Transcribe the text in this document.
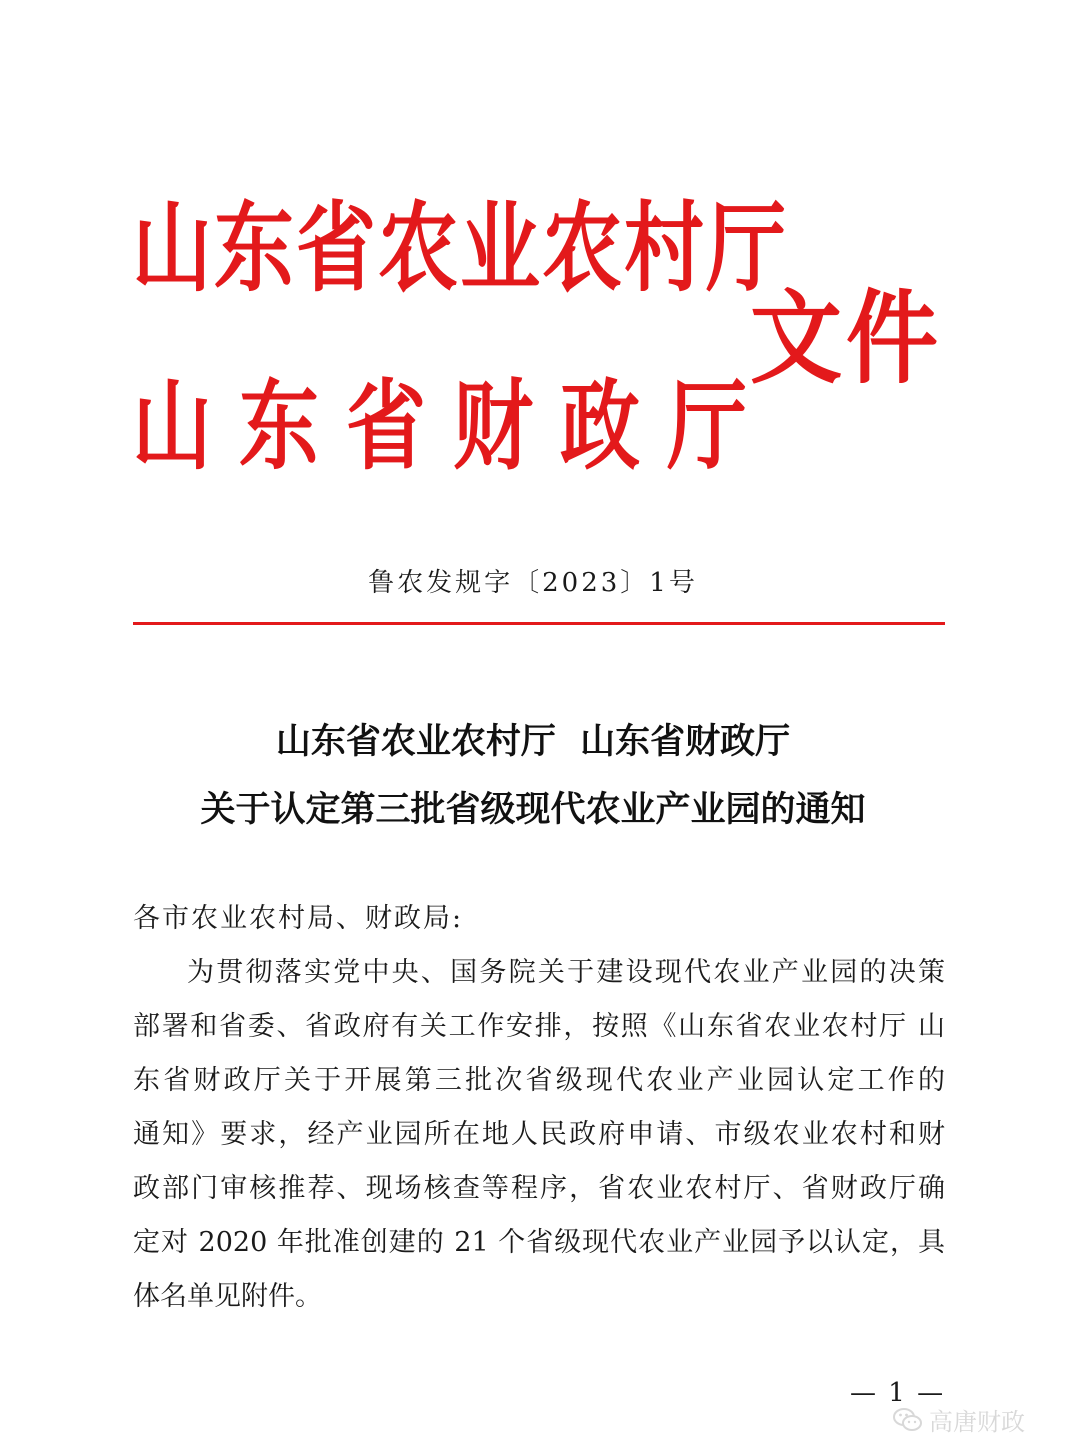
山东省农业农村厅
山东省财政厅
文件
鲁农发规字〔2023〕1号
山东省农业农村厅  山东省财政厅
关于认定第三批省级现代农业产业园的通知
各市农业农村局、财政局:
为贯彻落实党中央、国务院关于建设现代农业产业园的决策
部署和省委、省政府有关工作安排，按照《山东省农业农村厅 山
东省财政厅关于开展第三批次省级现代农业产业园认定工作的
通知》要求，经产业园所在地人民政府申请、市级农业农村和财
政部门审核推荐、现场核查等程序，省农业农村厅、省财政厅确
定对 2020 年批准创建的 21 个省级现代农业产业园予以认定，具
体名单见附件。
— 1 —
高唐财政
